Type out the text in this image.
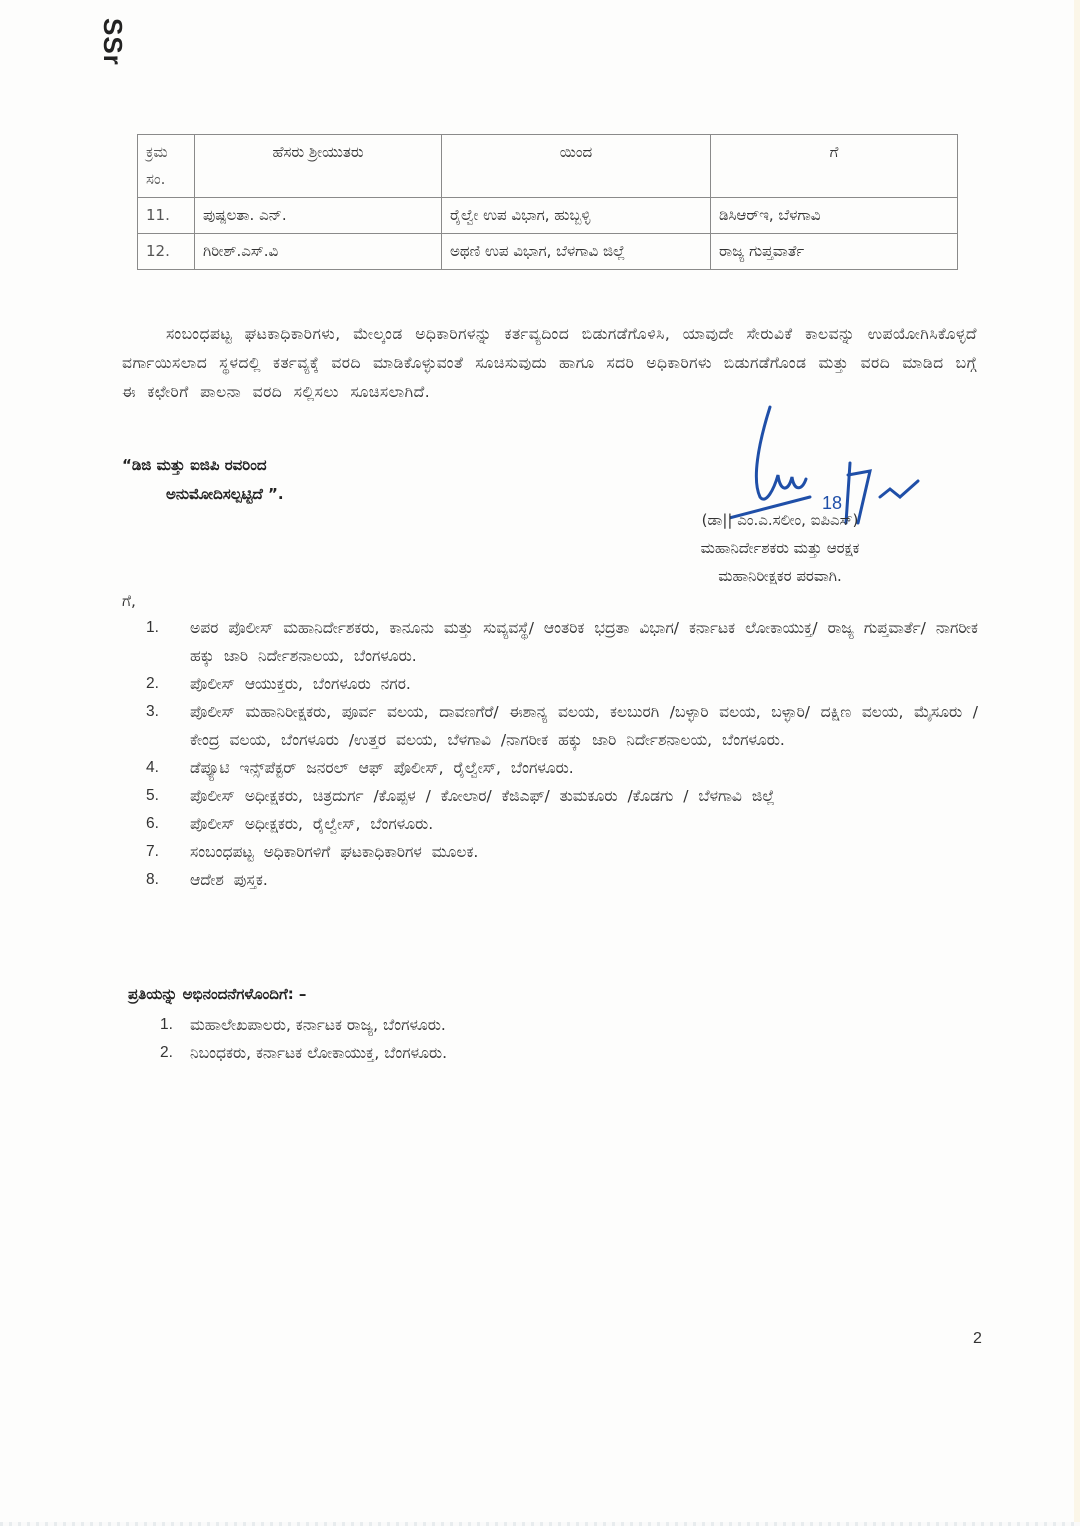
SSr
ಕ್ರಮ ಸಂ.	ಹೆಸರು ಶ್ರೀಯುತರು	ಯಿಂದ	ಗೆ
11.	ಪುಷ್ಪಲತಾ. ಎನ್.	ರೈಲ್ವೇ ಉಪ ವಿಭಾಗ, ಹುಬ್ಬಳ್ಳಿ	ಡಿಸಿಆರ್‌ಇ, ಬೆಳಗಾವಿ
12.	ಗಿರೀಶ್.ಎಸ್.ವಿ	ಅಥಣಿ ಉಪ ವಿಭಾಗ, ಬೆಳಗಾವಿ ಜಿಲ್ಲೆ	ರಾಜ್ಯ ಗುಪ್ತವಾರ್ತೆ

ಸಂಬಂಧಪಟ್ಟ ಘಟಕಾಧಿಕಾರಿಗಳು, ಮೇಲ್ಕಂಡ ಅಧಿಕಾರಿಗಳನ್ನು ಕರ್ತವ್ಯದಿಂದ ಬಿಡುಗಡೆಗೊಳಿಸಿ, ಯಾವುದೇ ಸೇರುವಿಕೆ ಕಾಲವನ್ನು ಉಪಯೋಗಿಸಿಕೊಳ್ಳದೆ ವರ್ಗಾಯಿಸಲಾದ ಸ್ಥಳದಲ್ಲಿ ಕರ್ತವ್ಯಕ್ಕೆ ವರದಿ ಮಾಡಿಕೊಳ್ಳುವಂತೆ ಸೂಚಿಸುವುದು ಹಾಗೂ ಸದರಿ ಅಧಿಕಾರಿಗಳು ಬಿಡುಗಡೆಗೊಂಡ ಮತ್ತು ವರದಿ ಮಾಡಿದ ಬಗ್ಗೆ ಈ ಕಛೇರಿಗೆ ಪಾಲನಾ ವರದಿ ಸಲ್ಲಿಸಲು ಸೂಚಿಸಲಾಗಿದೆ.

“ಡಿಜಿ ಮತ್ತು ಐಜಿಪಿ ರವರಿಂದ
ಅನುಮೋದಿಸಲ್ಪಟ್ಟಿದೆ ”.	18
(ಡಾ|| ಎಂ.ಎ.ಸಲೀಂ, ಐಪಿಎಸ್)
ಮಹಾನಿರ್ದೇಶಕರು ಮತ್ತು ಆರಕ್ಷಕ
ಮಹಾನಿರೀಕ್ಷಕರ ಪರವಾಗಿ.
ಗೆ,
1. ಅಪರ ಪೊಲೀಸ್ ಮಹಾನಿರ್ದೇಶಕರು, ಕಾನೂನು ಮತ್ತು ಸುವ್ಯವಸ್ಥೆ/ ಆಂತರಿಕ ಭದ್ರತಾ ವಿಭಾಗ/ ಕರ್ನಾಟಕ ಲೋಕಾಯುಕ್ತ/ ರಾಜ್ಯ ಗುಪ್ತವಾರ್ತೆ/ ನಾಗರೀಕ ಹಕ್ಕು ಜಾರಿ ನಿರ್ದೇಶನಾಲಯ, ಬೆಂಗಳೂರು.
2. ಪೊಲೀಸ್ ಆಯುಕ್ತರು, ಬೆಂಗಳೂರು ನಗರ.
3. ಪೊಲೀಸ್ ಮಹಾನಿರೀಕ್ಷಕರು, ಪೂರ್ವ ವಲಯ, ದಾವಣಗೆರೆ/ ಈಶಾನ್ಯ ವಲಯ, ಕಲಬುರಗಿ /ಬಳ್ಳಾರಿ ವಲಯ, ಬಳ್ಳಾರಿ/ ದಕ್ಷಿಣ ವಲಯ, ಮೈಸೂರು /ಕೇಂದ್ರ ವಲಯ, ಬೆಂಗಳೂರು /ಉತ್ತರ ವಲಯ, ಬೆಳಗಾವಿ /ನಾಗರೀಕ ಹಕ್ಕು ಜಾರಿ ನಿರ್ದೇಶನಾಲಯ, ಬೆಂಗಳೂರು.
4. ಡೆಪ್ಯೂಟಿ ಇನ್ಸ್‌ಪೆಕ್ಟರ್ ಜನರಲ್ ಆಫ್ ಪೊಲೀಸ್, ರೈಲ್ವೇಸ್, ಬೆಂಗಳೂರು.
5. ಪೊಲೀಸ್ ಅಧೀಕ್ಷಕರು, ಚಿತ್ರದುರ್ಗ /ಕೊಪ್ಪಳ / ಕೋಲಾರ/ ಕೆಜಿಎಫ್/ ತುಮಕೂರು /ಕೊಡಗು / ಬೆಳಗಾವಿ ಜಿಲ್ಲೆ
6. ಪೊಲೀಸ್ ಅಧೀಕ್ಷಕರು, ರೈಲ್ವೇಸ್, ಬೆಂಗಳೂರು.
7. ಸಂಬಂಧಪಟ್ಟ ಅಧಿಕಾರಿಗಳಿಗೆ ಘಟಕಾಧಿಕಾರಿಗಳ ಮೂಲಕ.
8. ಆದೇಶ ಪುಸ್ತಕ.
ಪ್ರತಿಯನ್ನು ಅಭಿನಂದನೆಗಳೊಂದಿಗೆ: –
1. ಮಹಾಲೇಖಪಾಲರು, ಕರ್ನಾಟಕ ರಾಜ್ಯ, ಬೆಂಗಳೂರು.
2. ನಿಬಂಧಕರು, ಕರ್ನಾಟಕ ಲೋಕಾಯುಕ್ತ, ಬೆಂಗಳೂರು.
2
